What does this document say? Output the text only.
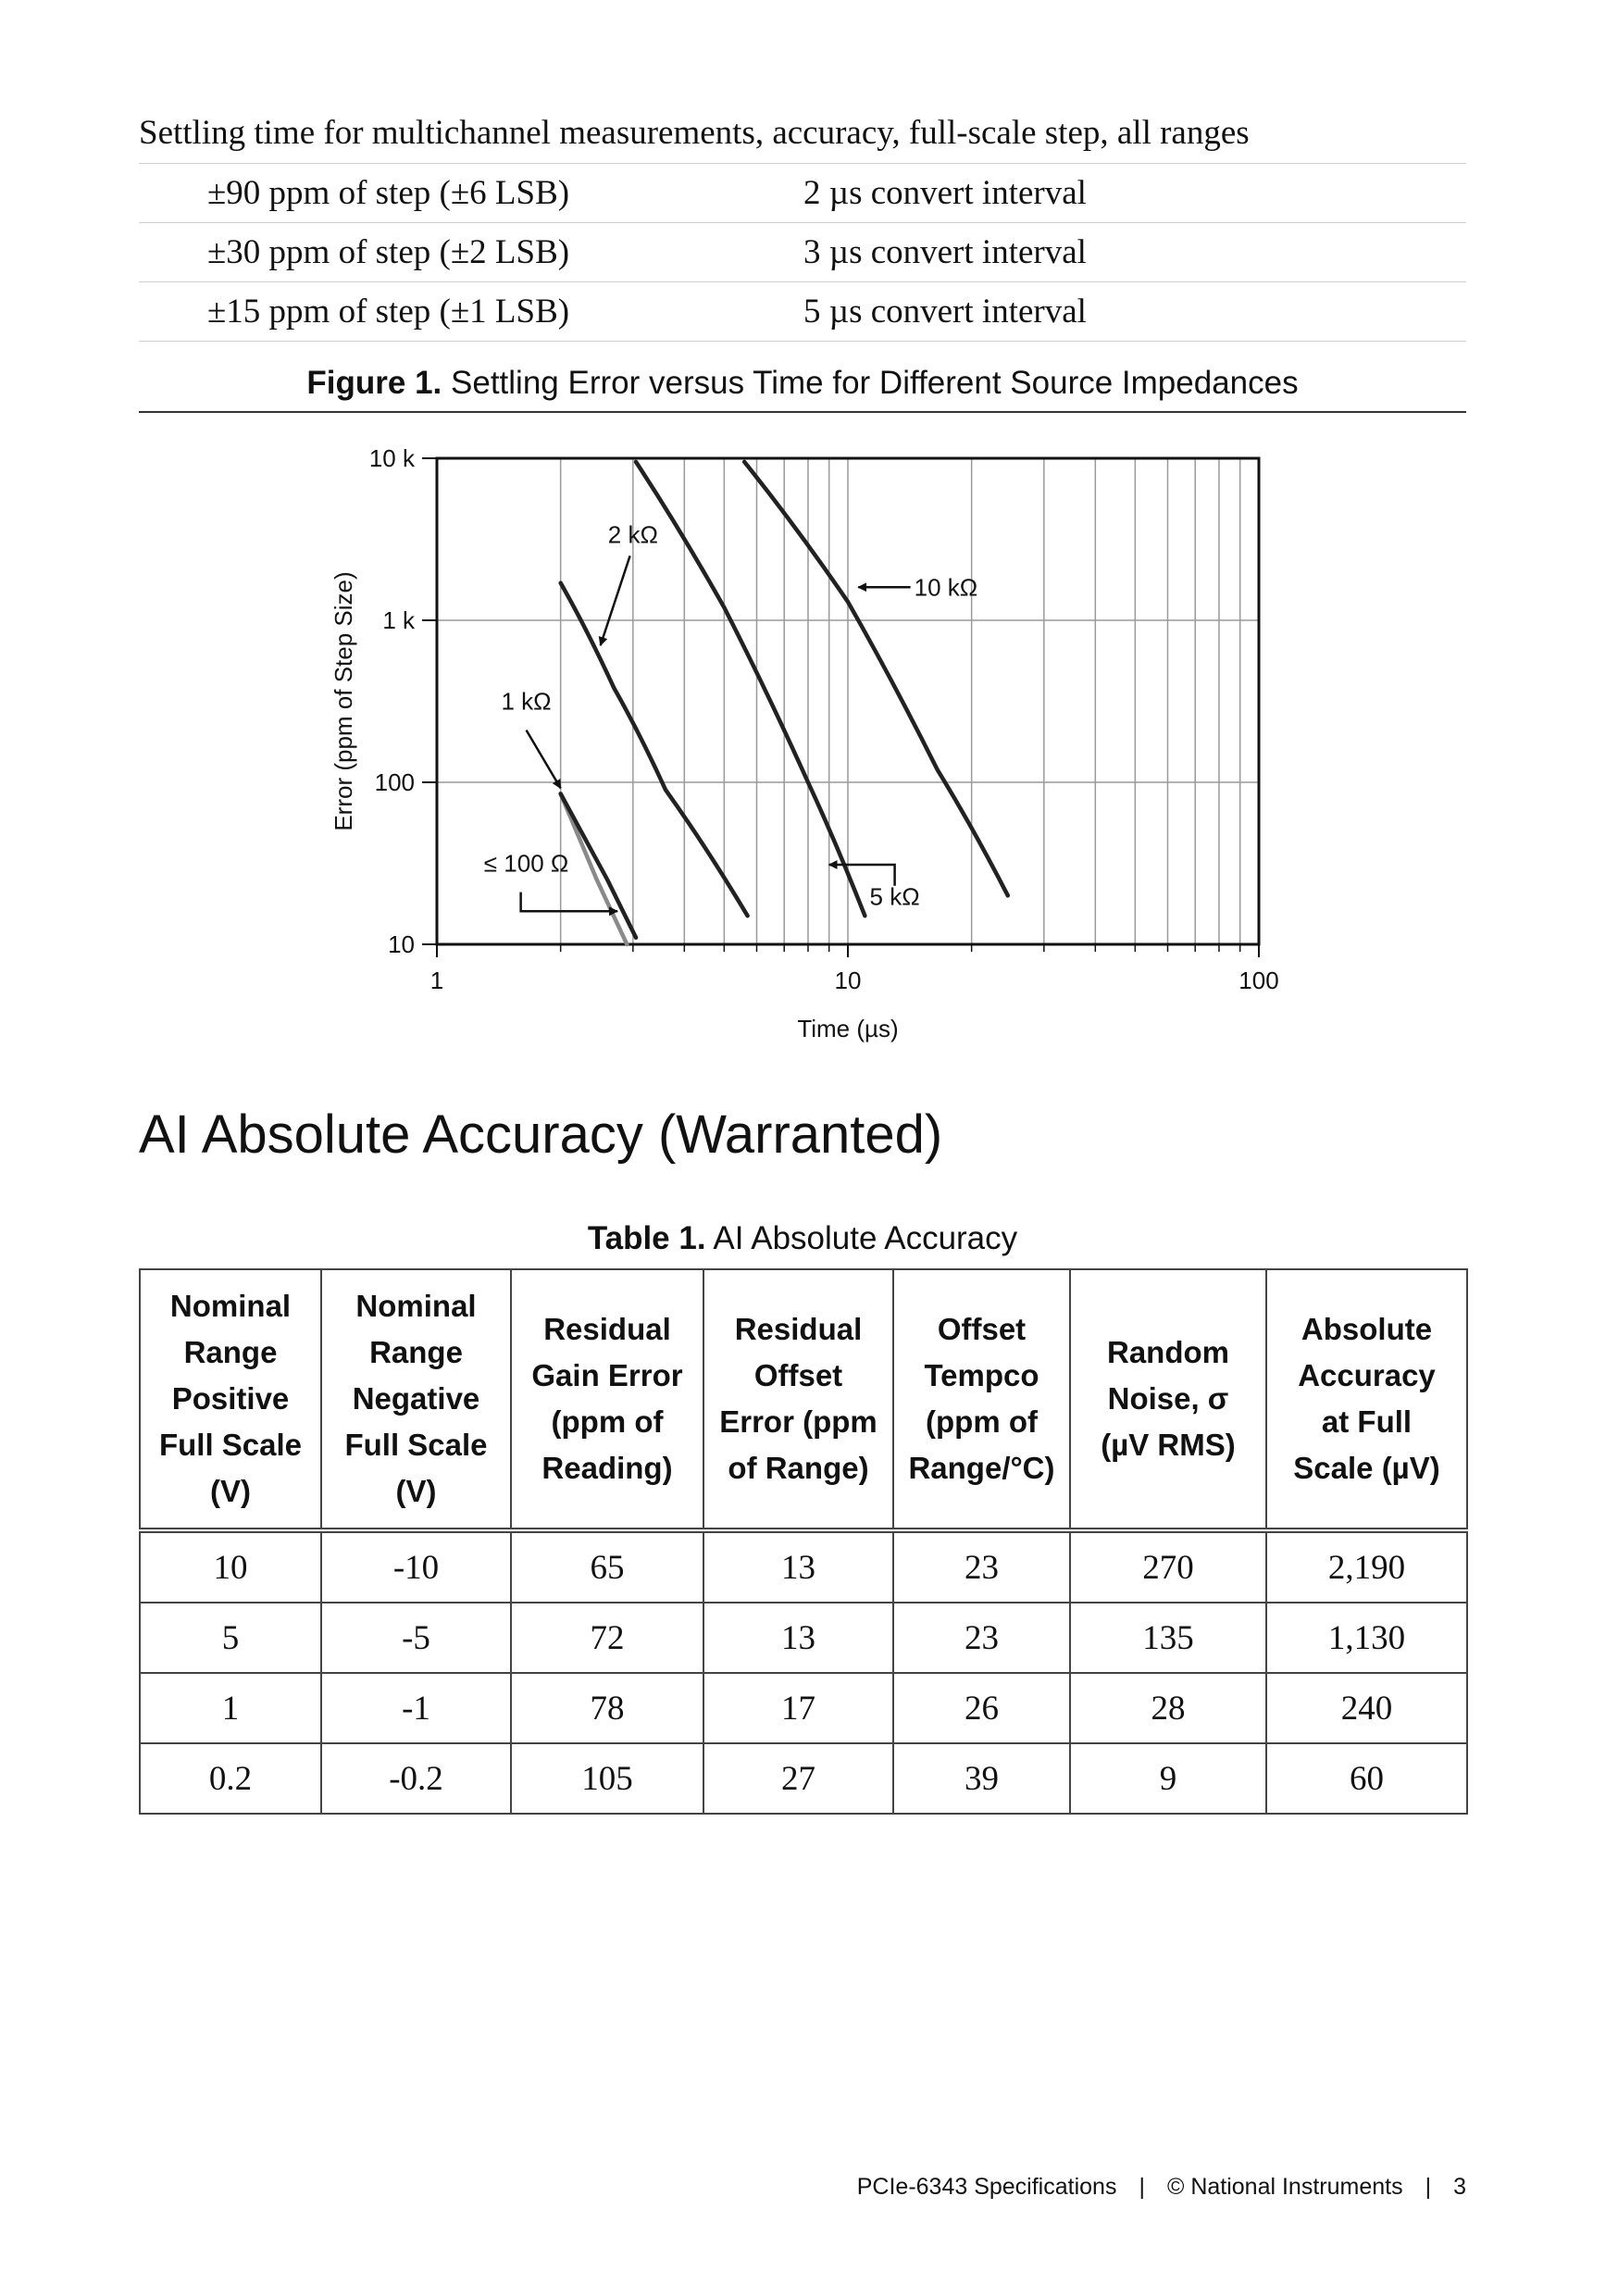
Settling time for multichannel measurements, accuracy, full-scale step, all ranges
±90 ppm of step (±6 LSB)	2 µs convert interval
±30 ppm of step (±2 LSB)	3 µs convert interval
±15 ppm of step (±1 LSB)	5 µs convert interval
Figure 1. Settling Error versus Time for Different Source Impedances
1	10	100
10
100
1 k
10 k
10 kΩ
2 kΩ
1 kΩ
≤ 100 Ω
5 kΩ
Time (µs)
Error (ppm of Step Size)
AI Absolute Accuracy (Warranted)
Table 1. AI Absolute Accuracy
Nominal
Range
Positive
Full Scale
(V)	Nominal
Range
Negative
Full Scale
(V)	Residual
Gain Error
(ppm of
Reading)	Residual
Offset
Error (ppm
of Range)	Offset
Tempco
(ppm of
Range/°C)	Random
Noise, σ
(µV RMS)	Absolute
Accuracy
at Full
Scale (µV)
10	-10	65	13	23	270	2,190
5	-5	72	13	23	135	1,130
1	-1	78	17	26	28	240
0.2	-0.2	105	27	39	9	60
PCIe-6343 Specifications | © National Instruments | 3
